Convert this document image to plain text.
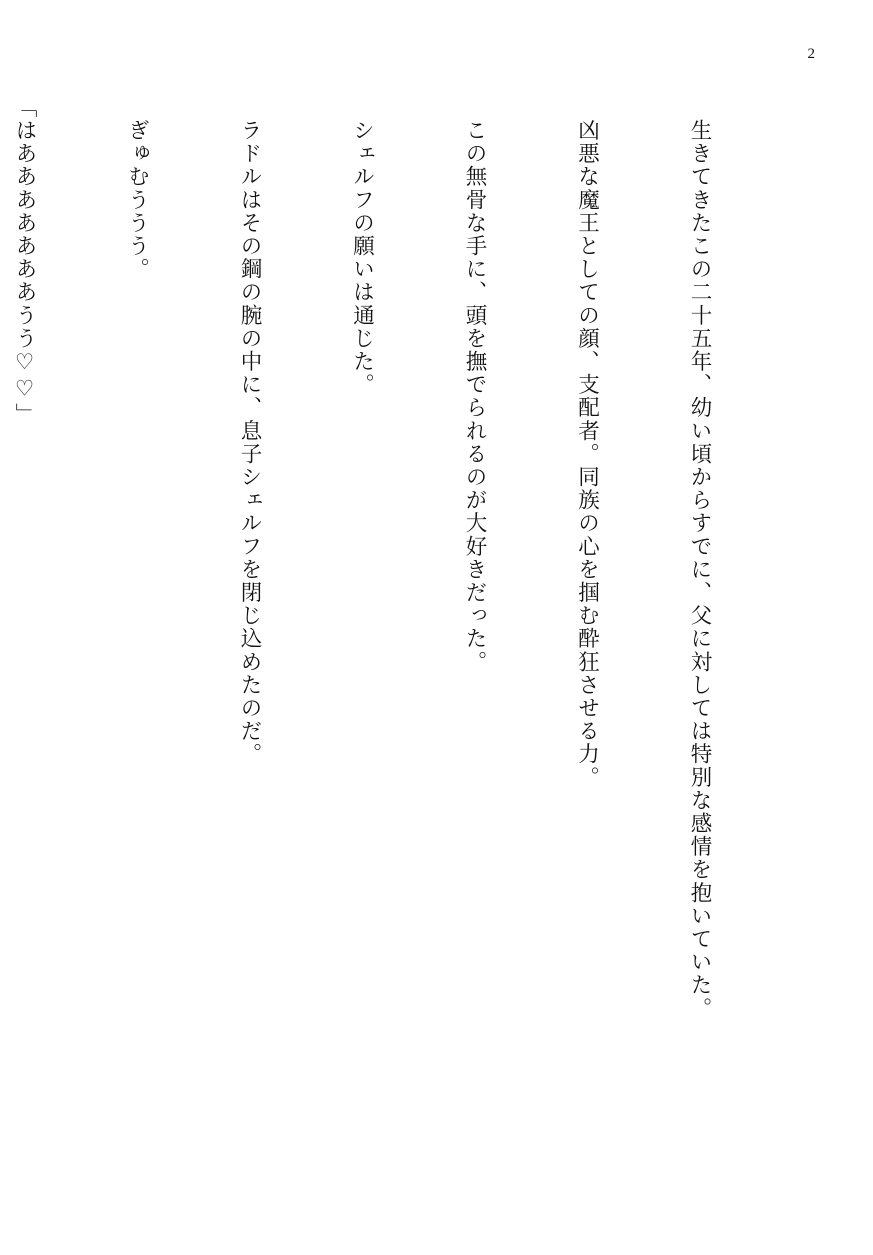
2

　生きてきたこの二十五年、幼い頃からすでに、父に対しては特別な感情を抱いていた。

　凶悪な魔王としての顔、支配者。同族の心を掴む酔狂させる力。

　この無骨な手に、頭を撫でられるのが大好きだった。

　シェルフの願いは通じた。

　ラドルはその鋼の腕の中に、息子シェルフを閉じ込めたのだ。

　ぎゅむううう。

「はあああああああうう♡♡」
